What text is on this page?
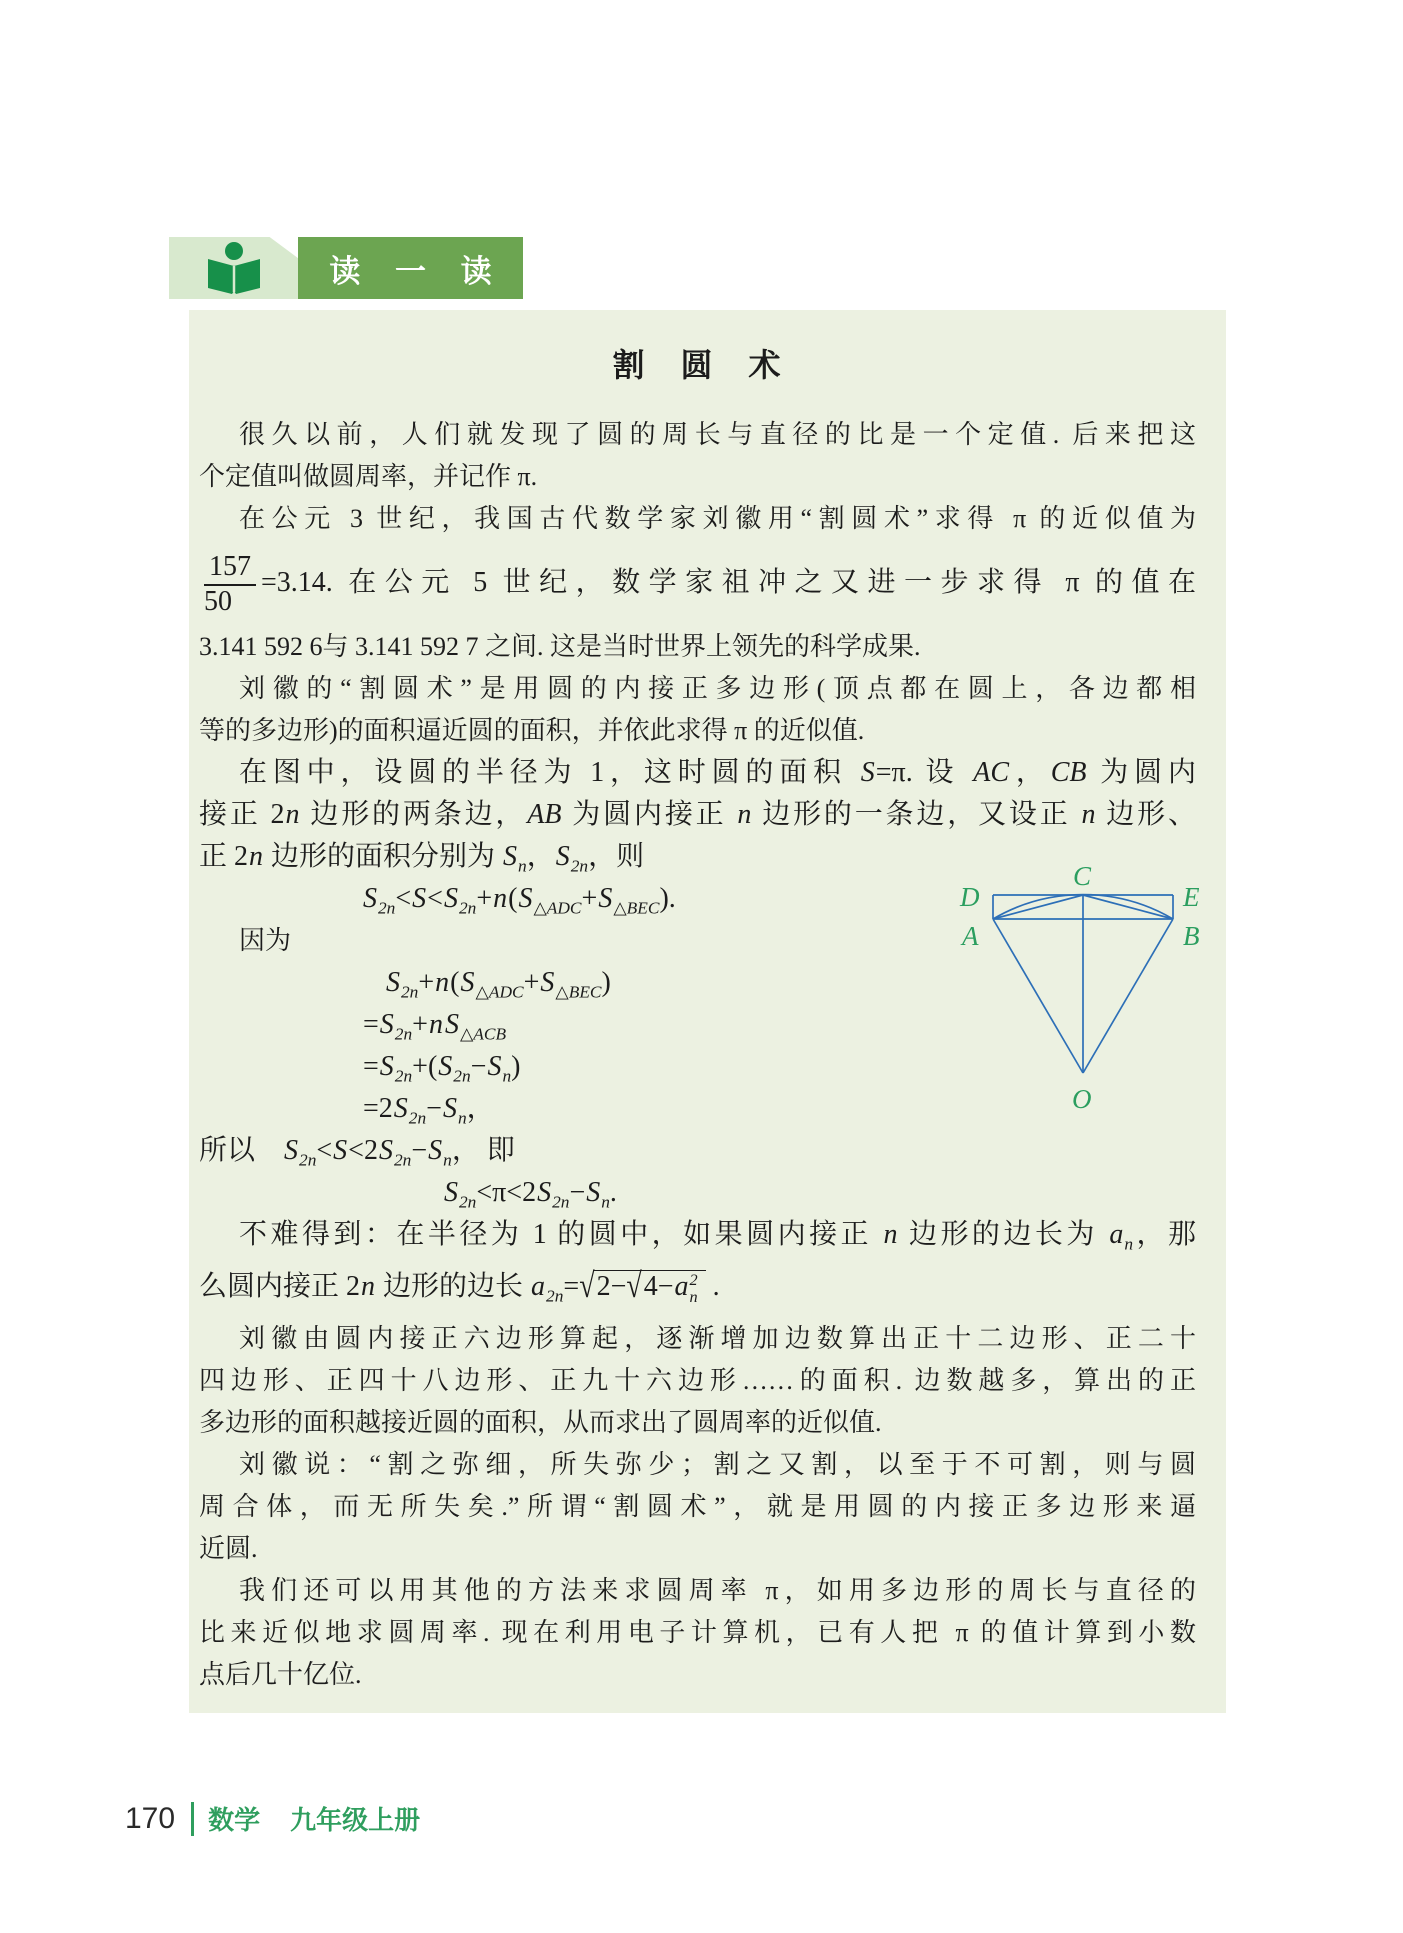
读 一 读
割　圆　术
很久以前，人们就发现了圆的周长与直径的比是一个定值. 后来把这
个定值叫做圆周率，并记作 π.
在公元 3 世纪，我国古代数学家刘徽用“割圆术”求得 π 的近似值为
$\frac{157}{50} =3.14$. 在公元 5 世纪，数学家祖冲之又进一步求得 π 的值在
3.141 592 6与 3.141 592 7 之间. 这是当时世界上领先的科学成果.
刘徽的“割圆术”是用圆的内接正多边形(顶点都在圆上，各边都相
等的多边形)的面积逼近圆的面积，并依此求得 π 的近似值.
在图中，设圆的半径为 1，这时圆的面积 S=π. 设 AC，CB 为圆内
接正 2n 边形的两条边，AB 为圆内接正 n 边形的一条边，又设正 n 边形、
正 2n 边形的面积分别为 $S_n$，$S_{2n}$，则
$S_{2n}<S<S_{2n}+n(S_{\triangle ADC}+S_{\triangle BEC})$.
因为
$S_{2n}+n(S_{\triangle ADC}+S_{\triangle BEC})$
$=S_{2n}+nS_{\triangle ACB}$
$=S_{2n}+(S_{2n}-S_n)$
$=2S_{2n}-S_n$，
所以　$S_{2n}<S<2S_{2n}-S_n$， 即
$S_{2n}<\pi<2S_{2n}-S_n$.
不难得到：在半径为 1 的圆中，如果圆内接正 n 边形的边长为 $a_n$，那
么圆内接正 2n 边形的边长 $a_{2n}=√2-√4-a$ 2
n .
刘徽由圆内接正六边形算起，逐渐增加边数算出正十二边形、正二十
四边形、正四十八边形、正九十六边形……的面积. 边数越多，算出的正
多边形的面积越接近圆的面积，从而求出了圆周率的近似值.
刘徽说：“割之弥细，所失弥少；割之又割，以至于不可割，则与圆
周合体，而无所失矣.”所谓“割圆术”，就是用圆的内接正多边形来逼
近圆.
我们还可以用其他的方法来求圆周率 π，如用多边形的周长与直径的
比来近似地求圆周率. 现在利用电子计算机，已有人把 π 的值计算到小数
点后几十亿位.
D
C
E
A	B
O
170 数学 九年级上册
